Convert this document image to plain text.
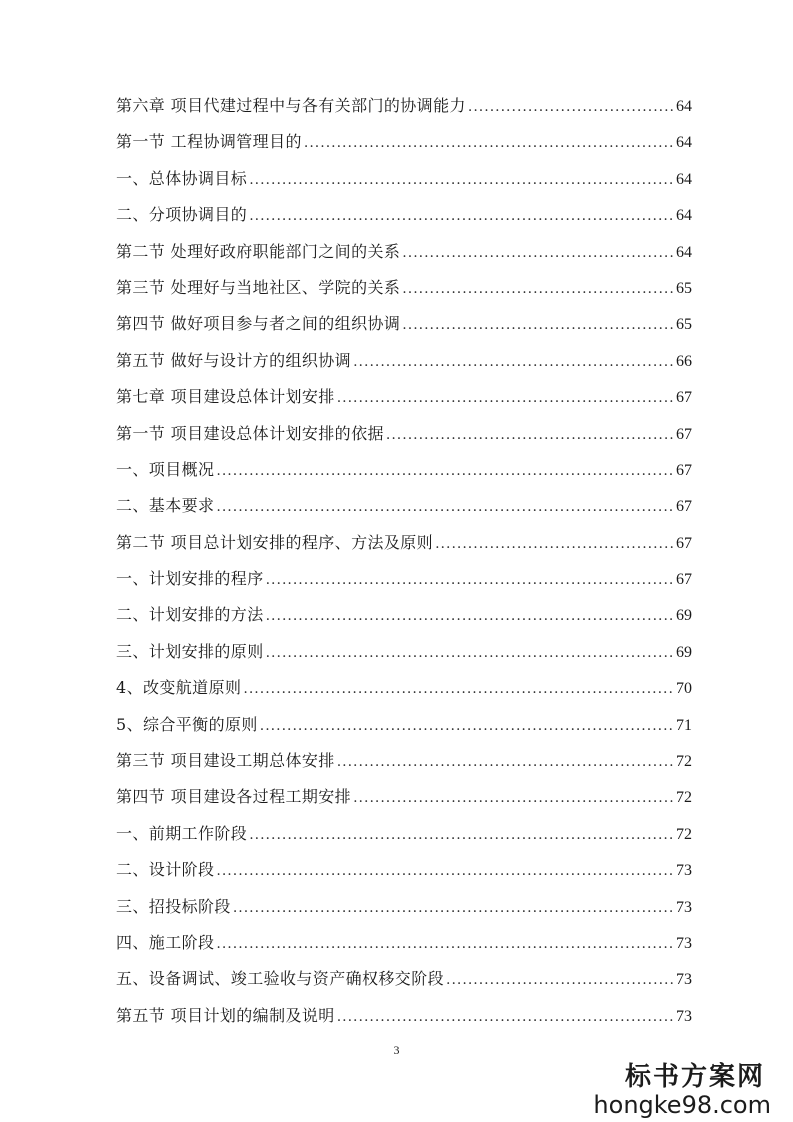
第六章 项目代建过程中与各有关部门的协调能力 .....	64
第一节 工程协调管理目的 .....	64
一、总体协调目标 .....	64
二、分项协调目的 .....	64
第二节 处理好政府职能部门之间的关系 .....	64
第三节 处理好与当地社区、学院的关系 .....	65
第四节 做好项目参与者之间的组织协调 .....	65
第五节 做好与设计方的组织协调 .....	66
第七章 项目建设总体计划安排 .....	67
第一节 项目建设总体计划安排的依据 .....	67
一、项目概况 .....	67
二、基本要求 .....	67
第二节 项目总计划安排的程序、方法及原则 .....	67
一、计划安排的程序 .....	67
二、计划安排的方法 .....	69
三、计划安排的原则 .....	69
4、改变航道原则 .....	70
5、综合平衡的原则 .....	71
第三节 项目建设工期总体安排 .....	72
第四节 项目建设各过程工期安排 .....	72
一、前期工作阶段 .....	72
二、设计阶段 .....	73
三、招投标阶段 .....	73
四、施工阶段 .....	73
五、设备调试、竣工验收与资产确权移交阶段 .....	73
第五节 项目计划的编制及说明 .....	73
3
标书方案网
hongke98.com
